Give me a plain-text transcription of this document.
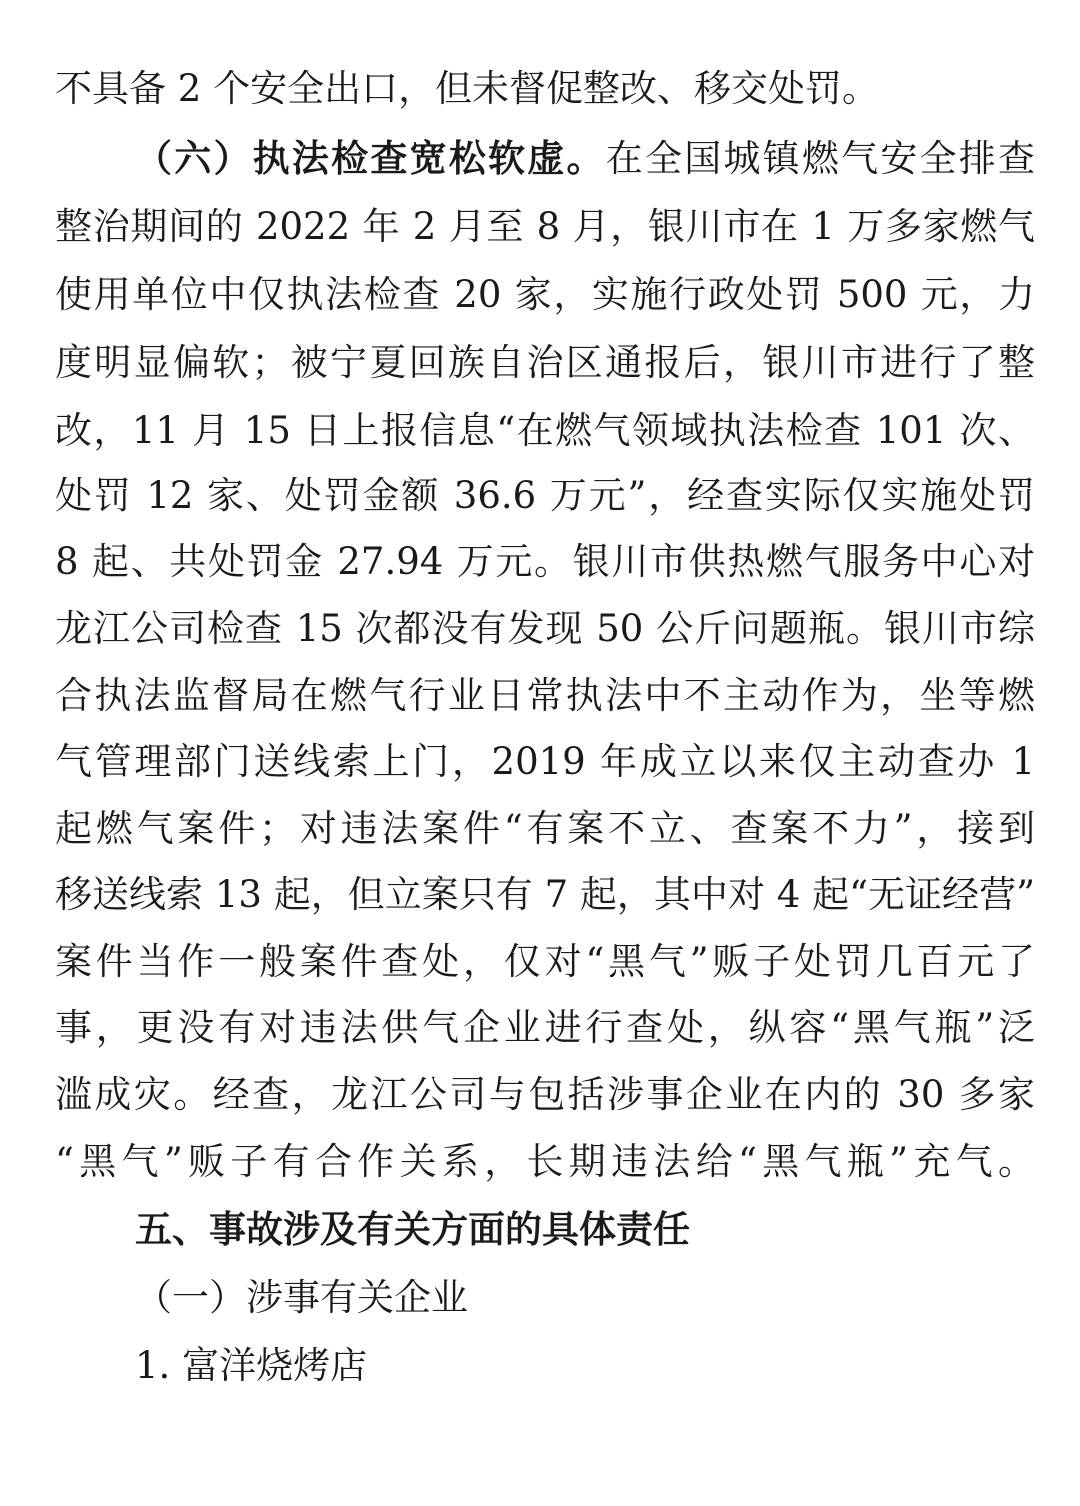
不具备 2 个安全出口，但未督促整改、移交处罚。
（六）执法检查宽松软虚。在全国城镇燃气安全排查
整治期间的 2022 年 2 月至 8 月，银川市在 1 万多家燃气
使用单位中仅执法检查 20 家，实施行政处罚 500 元，力
度明显偏软；被宁夏回族自治区通报后，银川市进行了整
改，11 月 15 日上报信息“在燃气领域执法检查 101 次、
处罚 12 家、处罚金额 36.6 万元”，经查实际仅实施处罚
8 起、共处罚金 27.94 万元。银川市供热燃气服务中心对
龙江公司检查 15 次都没有发现 50 公斤问题瓶。银川市综
合执法监督局在燃气行业日常执法中不主动作为，坐等燃
气管理部门送线索上门，2019 年成立以来仅主动查办 1
起燃气案件；对违法案件“有案不立、查案不力”，接到
移送线索 13 起，但立案只有 7 起，其中对 4 起“无证经营”
案件当作一般案件查处，仅对“黑气”贩子处罚几百元了
事，更没有对违法供气企业进行查处，纵容“黑气瓶”泛
滥成灾。经查，龙江公司与包括涉事企业在内的 30 多家
“黑气”贩子有合作关系，长期违法给“黑气瓶”充气。
五、事故涉及有关方面的具体责任
（一）涉事有关企业
1. 富洋烧烤店
